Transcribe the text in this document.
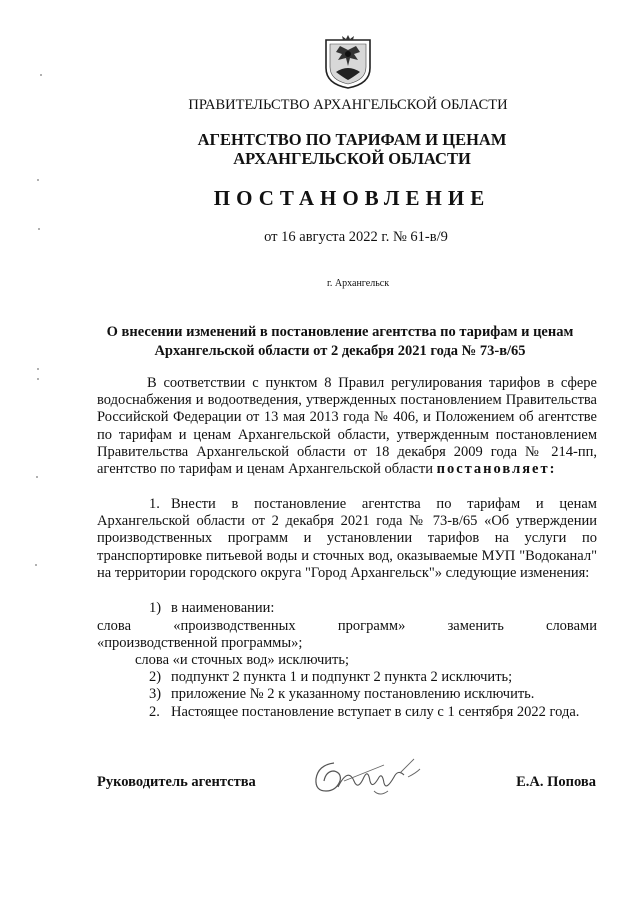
ПРАВИТЕЛЬСТВО АРХАНГЕЛЬСКОЙ ОБЛАСТИ
АГЕНТСТВО ПО ТАРИФАМ И ЦЕНАМ
АРХАНГЕЛЬСКОЙ ОБЛАСТИ
ПОСТАНОВЛЕНИЕ
от 16 августа 2022 г. № 61-в/9
г. Архангельск
О внесении изменений в постановление агентства по тарифам и ценам
Архангельской области от 2 декабря 2021 года № 73-в/65
В соответствии с пунктом 8 Правил регулирования тарифов в сфере водоснабжения и водоотведения, утвержденных постановлением Правительства Российской Федерации от 13 мая 2013 года № 406, и Положением об агентстве по тарифам и ценам Архангельской области, утвержденным постановлением Правительства Архангельской области от 18 декабря 2009 года № 214-пп, агентство по тарифам и ценам Архангельской области постановляет:
1. Внести в постановление агентства по тарифам и ценам Архангельской области от 2 декабря 2021 года № 73-в/65 «Об утверждении производственных программ и установлении тарифов на услуги по транспортировке питьевой воды и сточных вод, оказываемые МУП "Водоканал" на территории городского округа "Город Архангельск"» следующие изменения:
1) в наименовании:
слова	«производственных	программ»	заменить	словами
«производственной программы»;
слова «и сточных вод» исключить;
2) подпункт 2 пункта 1 и подпункт 2 пункта 2 исключить;
3) приложение № 2 к указанному постановлению исключить.
2. Настоящее постановление вступает в силу с 1 сентября 2022 года.
Руководитель агентства	Е.А. Попова
